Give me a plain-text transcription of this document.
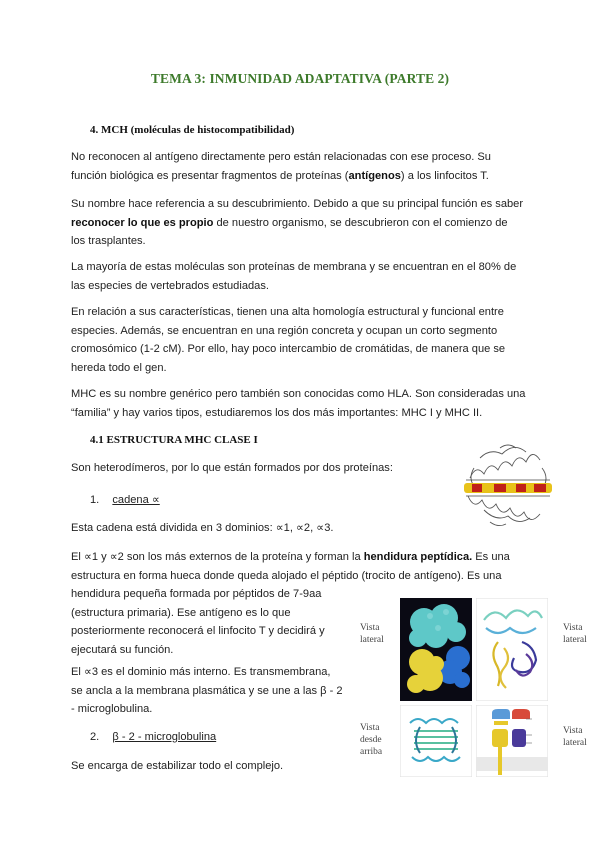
TEMA 3: INMUNIDAD ADAPTATIVA (PARTE 2)
4. MCH (moléculas de histocompatibilidad)
No reconocen al antígeno directamente pero están relacionadas con ese proceso. Su
función biológica es presentar fragmentos de proteínas (antígenos) a los linfocitos T.
Su nombre hace referencia a su descubrimiento. Debido a que su principal función es saber
reconocer lo que es propio de nuestro organismo, se descubrieron con el comienzo de
los trasplantes.
La mayoría de estas moléculas son proteínas de membrana y se encuentran en el 80% de
las especies de vertebrados estudiadas.
En relación a sus características, tienen una alta homología estructural y funcional entre
especies. Además, se encuentran en una región concreta y ocupan un corto segmento
cromosómico (1-2 cM). Por ello, hay poco intercambio de cromátidas, de manera que se
hereda todo el gen.
MHC es su nombre genérico pero también son conocidas como HLA. Son consideradas una
“familia” y hay varios tipos, estudiaremos los dos más importantes: MHC I y MHC II.
4.1 ESTRUCTURA MHC CLASE I
Son heterodímeros, por lo que están formados por dos proteínas:
1. cadena ∝
Esta cadena está dividida en 3 dominios: ∝1, ∝2, ∝3.
El ∝1 y ∝2 son los más externos de la proteína y forman la hendidura peptídica. Es una
estructura en forma hueca donde queda alojado el péptido (trocito de antígeno). Es una
hendidura pequeña formada por péptidos de 7-9aa
(estructura primaria). Ese antígeno es lo que
posteriormente reconocerá el linfocito T y decidirá y
ejecutará su función.
El ∝3 es el dominio más interno. Es transmembrana,
se ancla a la membrana plasmática y se une a las β - 2
- microglobulina.
2. β - 2 - microglobulina
Se encarga de estabilizar todo el complejo.
Vista
lateral
Vista
lateral
Vista
desde
arriba
Vista
lateral
